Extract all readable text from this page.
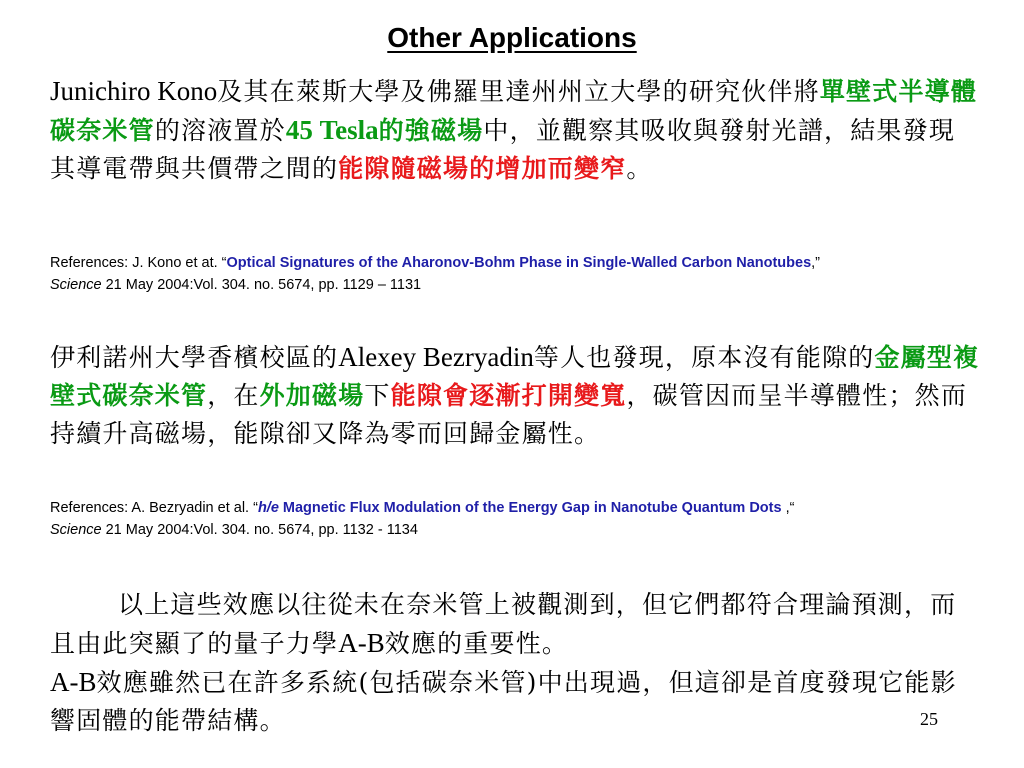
Other Applications
Junichiro Kono及其在萊斯大學及佛羅里達州州立大學的研究伙伴將單壁式半導體碳奈米管的溶液置於45 Tesla的強磁場中，並觀察其吸收與發射光譜，結果發現其導電帶與共價帶之間的能隙隨磁場的增加而變窄。
References: J. Kono et at. “Optical Signatures of the Aharonov-Bohm Phase in Single-Walled Carbon Nanotubes,”
Science 21 May 2004:Vol. 304. no. 5674, pp. 1129 – 1131
伊利諾州大學香檳校區的Alexey Bezryadin等人也發現，原本沒有能隙的金屬型複壁式碳奈米管，在外加磁場下能隙會逐漸打開變寬，碳管因而呈半導體性；然而持續升高磁場，能隙卻又降為零而回歸金屬性。
References: A. Bezryadin et al. “h/e Magnetic Flux Modulation of the Energy Gap in Nanotube Quantum Dots ,“
Science 21 May 2004:Vol. 304. no. 5674, pp. 1132 - 1134
以上這些效應以往從未在奈米管上被觀測到，但它們都符合理論預測，而且由此突顯了的量子力學A-B效應的重要性。
A-B效應雖然已在許多系統(包括碳奈米管)中出現過，但這卻是首度發現它能影響固體的能帶結構。	25
